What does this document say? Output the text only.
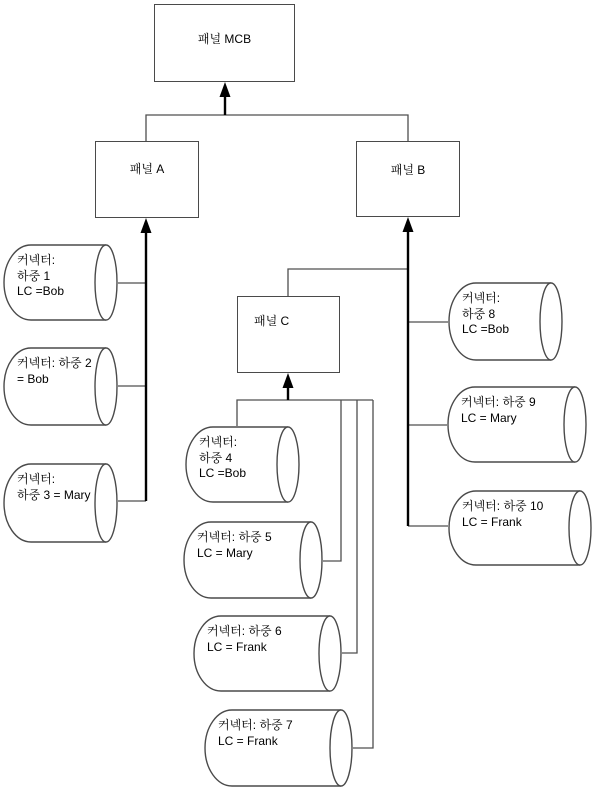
패널 MCB
패널 A	패널 B
패널 C
커넥터:
하중 1
LC =Bob
커넥터: 하중 2
= Bob
커넥터:
하중 3 = Mary
커넥터:
하중 4
LC =Bob
커넥터: 하중 5
LC = Mary
커넥터: 하중 6
LC = Frank
커넥터: 하중 7
LC = Frank
커넥터:
하중 8
LC =Bob
커넥터: 하중 9
LC = Mary
커넥터: 하중 10
LC = Frank
